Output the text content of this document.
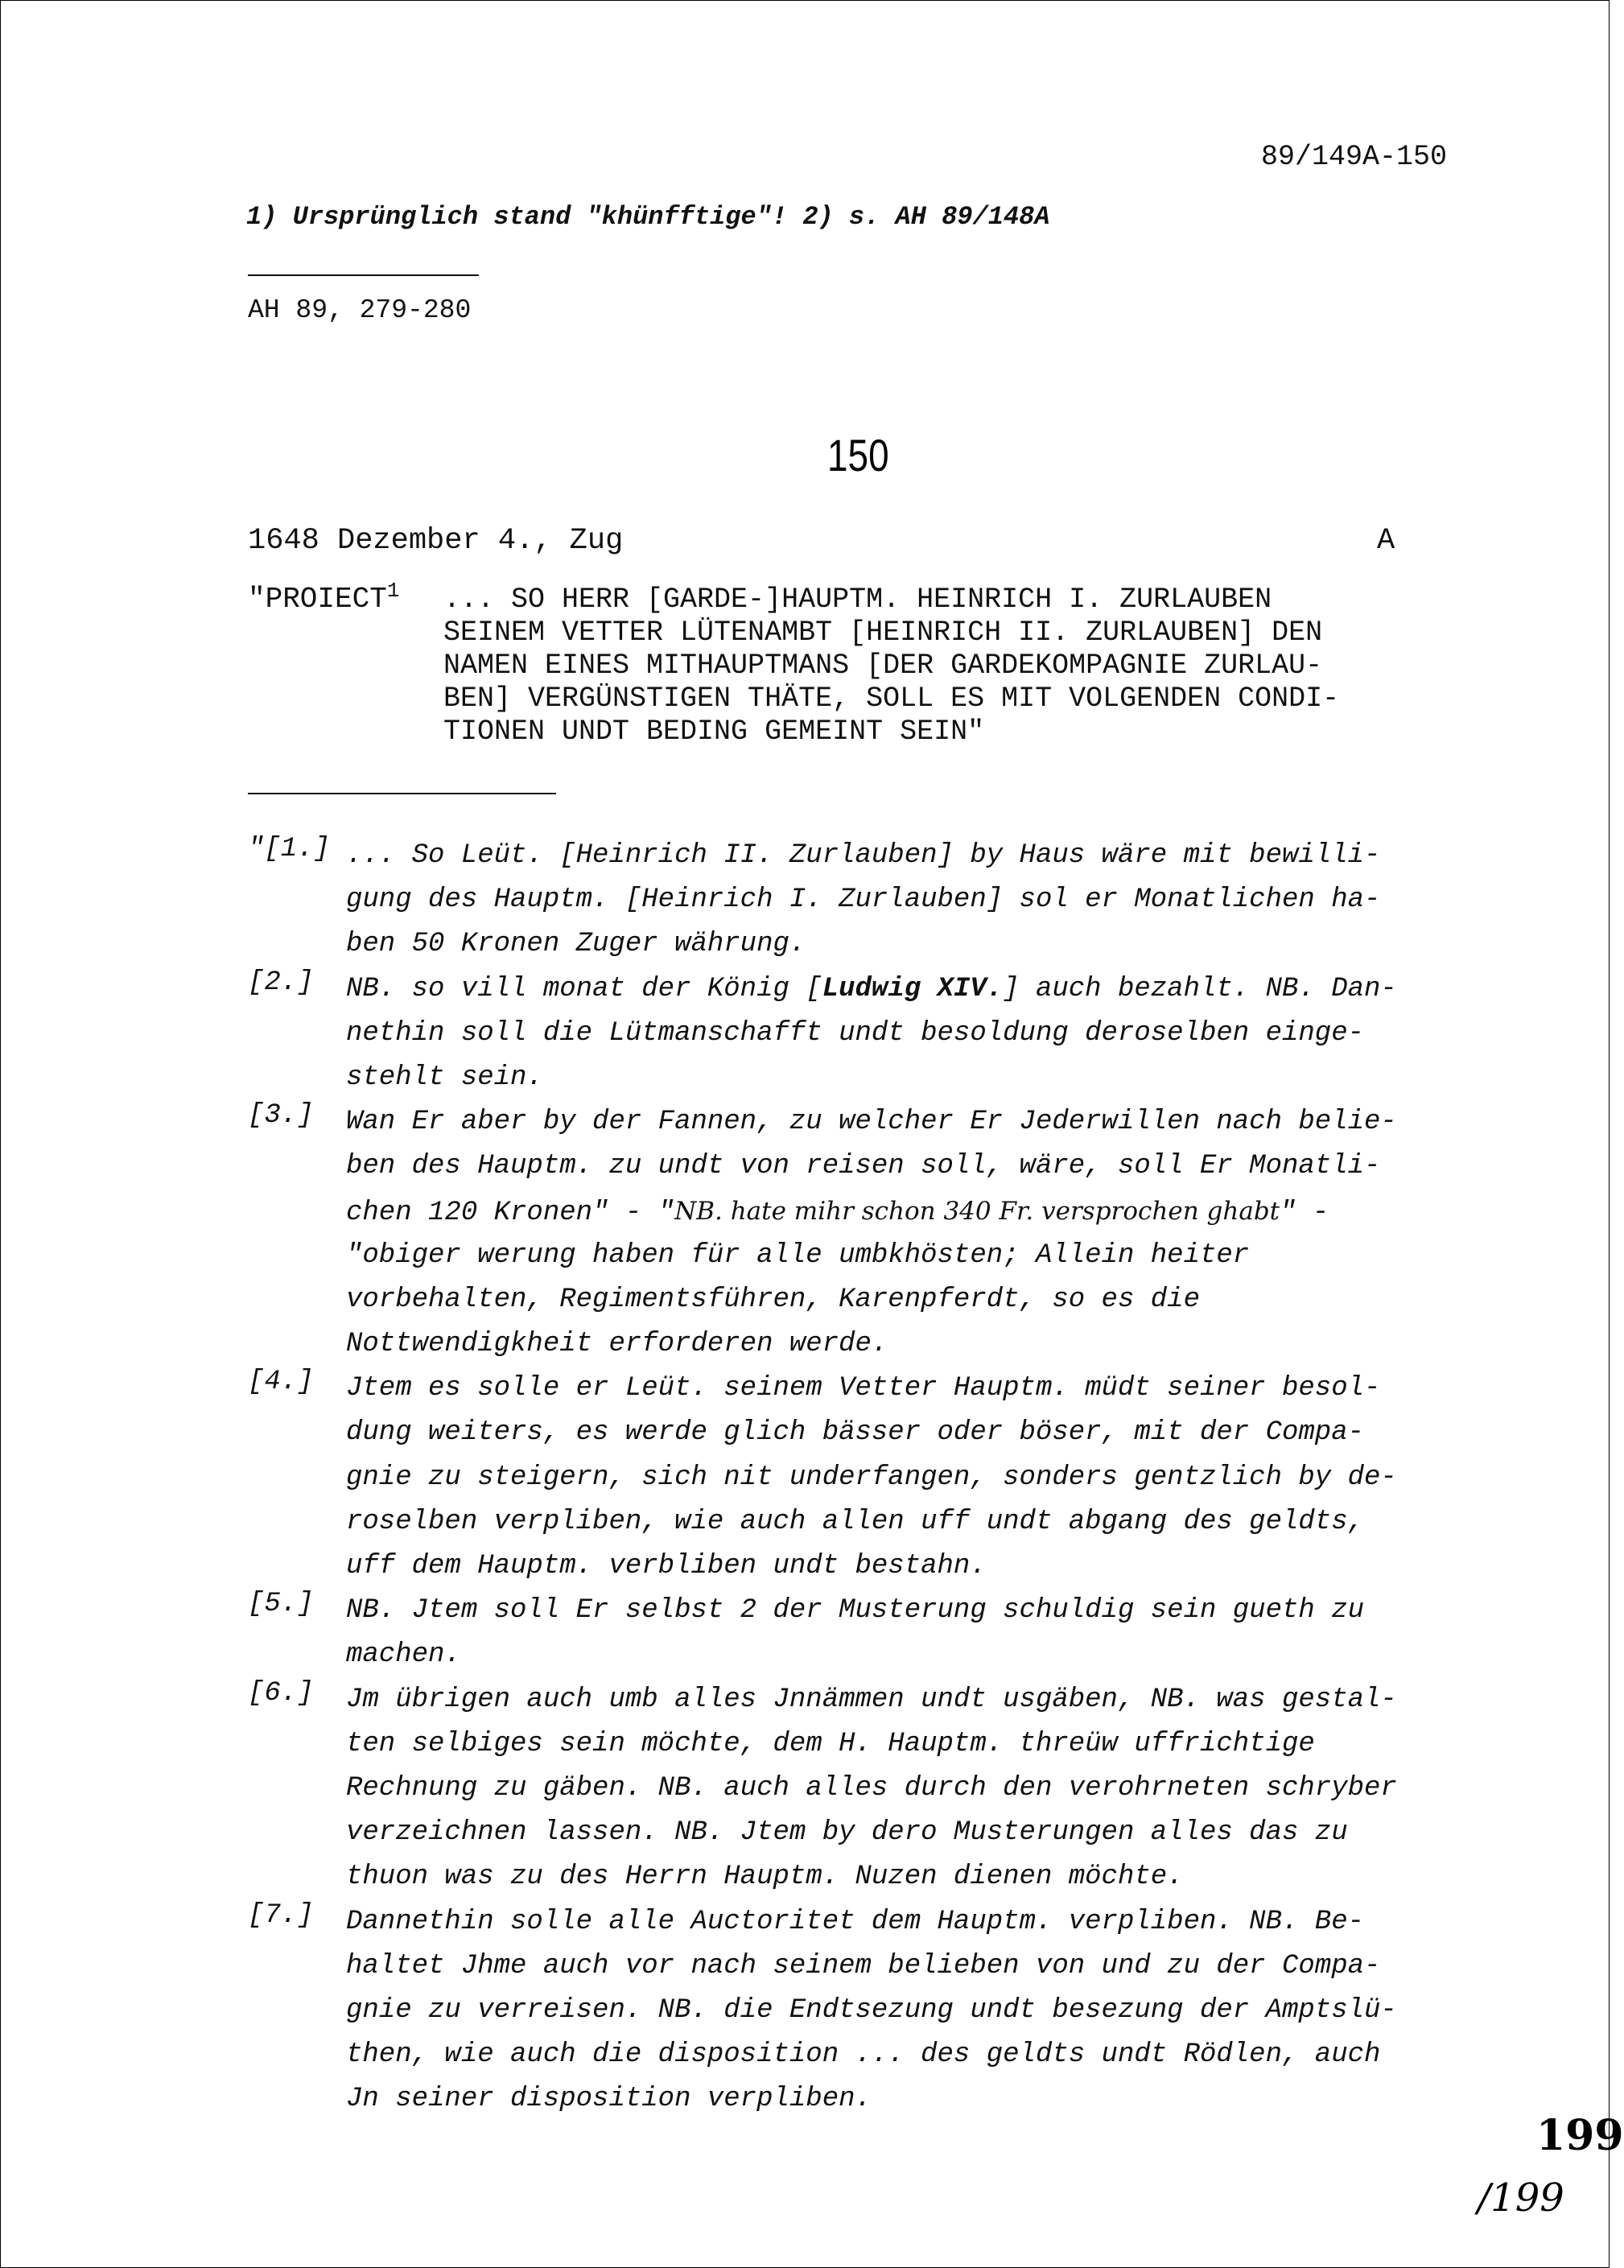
89/149A-150
1) Ursprünglich stand "khünfftige"! 2) s. AH 89/148A
AH 89, 279-280
150
1648 Dezember 4., Zug	A
"PROIECT$^1$ ... SO HERR [GARDE-]HAUPTM. HEINRICH I. ZURLAUBEN
SEINEM VETTER LÜTENAMBT [HEINRICH II. ZURLAUBEN] DEN
NAMEN EINES MITHAUPTMANS [DER GARDEKOMPAGNIE ZURLAU-
BEN] VERGÜNSTIGEN THÄTE, SOLL ES MIT VOLGENDEN CONDI-
TIONEN UNDT BEDING GEMEINT SEIN"
"[1.] ... So Leüt. [Heinrich II. Zurlauben] by Haus wäre mit bewilli-
gung des Hauptm. [Heinrich I. Zurlauben] sol er Monatlichen ha-
ben 50 Kronen Zuger währung.
[2.]	NB. so vill monat der König [Ludwig XIV.] auch bezahlt. NB. Dan-
nethin soll die Lütmanschafft undt besoldung deroselben einge-
stehlt sein.
[3.]	Wan Er aber by der Fannen, zu welcher Er Jederwillen nach belie-
ben des Hauptm. zu undt von reisen soll, wäre, soll Er Monatli-
chen 120 Kronen" - "NB. hate mihr schon 340 Fr. versprochen ghabt" -
"obiger werung haben für alle umbkhösten; Allein heiter
vorbehalten, Regimentsführen, Karenpferdt, so es die
Nottwendigkheit erforderen werde.
[4.]	Jtem es solle er Leüt. seinem Vetter Hauptm. müdt seiner besol-
dung weiters, es werde glich bässer oder böser, mit der Compa-
gnie zu steigern, sich nit underfangen, sonders gentzlich by de-
roselben verpliben, wie auch allen uff undt abgang des geldts,
uff dem Hauptm. verbliben undt bestahn.
[5.]	NB. Jtem soll Er selbst 2 der Musterung schuldig sein gueth zu
machen.
[6.]	Jm übrigen auch umb alles Jnnämmen undt usgäben, NB. was gestal-
ten selbiges sein möchte, dem H. Hauptm. threüw uffrichtige
Rechnung zu gäben. NB. auch alles durch den verohrneten schryber
verzeichnen lassen. NB. Jtem by dero Musterungen alles das zu
thuon was zu des Herrn Hauptm. Nuzen dienen möchte.
[7.]	Dannethin solle alle Auctoritet dem Hauptm. verpliben. NB. Be-
haltet Jhme auch vor nach seinem belieben von und zu der Compa-
gnie zu verreisen. NB. die Endtsezung undt besezung der Amptslü-
then, wie auch die disposition ... des geldts undt Rödlen, auch
Jn seiner disposition verpliben.
199
/199
